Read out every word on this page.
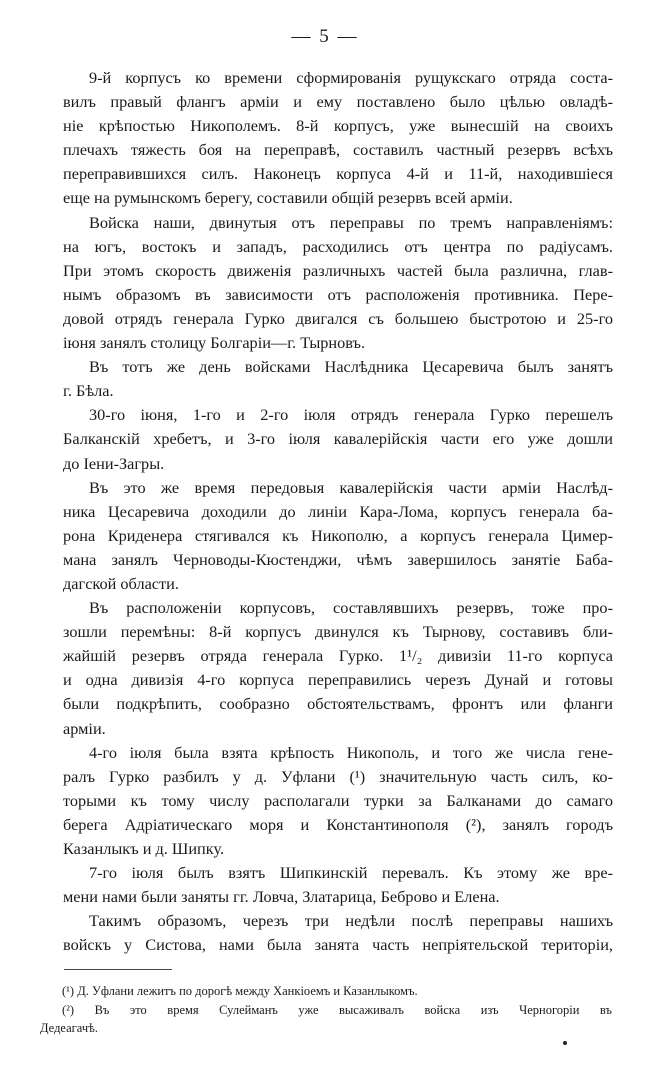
— 5 —
9-й корпусъ ко времени сформированія рущукскаго отряда соста-
вилъ правый флангъ арміи и ему поставлено было цѣлью овладѣ-
ніе крѣпостью Никополемъ. 8-й корпусъ, уже вынесшій на своихъ
плечахъ тяжесть боя на переправѣ, составилъ частный резервъ всѣхъ
переправившихся силъ. Наконецъ корпуса 4-й и 11-й, находившіеся
еще на румынскомъ берегу, составили общій резервъ всей арміи.
Войска наши, двинутыя отъ переправы по тремъ направленіямъ:
на югъ, востокъ и западъ, расходились отъ центра по радіусамъ.
При этомъ скорость движенія различныхъ частей была различна, глав-
нымъ образомъ въ зависимости отъ расположенія противника. Пере-
довой отрядъ генерала Гурко двигался съ большею быстротою и 25-го
іюня занялъ столицу Болгаріи—г. Тырновъ.
Въ тотъ же день войсками Наслѣдника Цесаревича былъ занятъ
г. Бѣла.
30-го іюня, 1-го и 2-го іюля отрядъ генерала Гурко перешелъ
Балканскій хребетъ, и 3-го іюля кавалерійскія части его уже дошли
до Іени-Загры.
Въ это же время передовыя кавалерійскія части арміи Наслѣд-
ника Цесаревича доходили до линіи Кара-Лома, корпусъ генерала ба-
рона Криденера стягивался къ Никополю, а корпусъ генерала Цимер-
мана занялъ Черноводы-Кюстенджи, чѣмъ завершилось занятіе Баба-
дагской области.
Въ расположеніи корпусовъ, составлявшихъ резервъ, тоже про-
зошли перемѣны: 8-й корпусъ двинулся къ Тырнову, составивъ бли-
жайшій резервъ отряда генерала Гурко. 1¹/₂ дивизіи 11-го корпуса
и одна дивизія 4-го корпуса переправились черезъ Дунай и готовы
были подкрѣпить, сообразно обстоятельствамъ, фронтъ или фланги
арміи.
4-го іюля была взята крѣпость Никополь, и того же числа гене-
ралъ Гурко разбилъ у д. Уфлани (¹) значительную часть силъ, ко-
торыми къ тому числу располагали турки за Балканами до самаго
берега Адріатическаго моря и Константинополя (²), занялъ городъ
Казанлыкъ и д. Шипку.
7-го іюля былъ взятъ Шипкинскій перевалъ. Къ этому же вре-
мени нами были заняты гг. Ловча, Златарица, Беброво и Елена.
Такимъ образомъ, черезъ три недѣли послѣ переправы нашихъ
войскъ у Систова, нами была занята часть непріятельской територіи,
(¹) Д. Уфлани лежитъ по дорогѣ между Ханкіоемъ и Казанлыкомъ.
(²) Въ это время Сулейманъ уже высаживалъ войска изъ Черногоріи въ
Дедеагачѣ.
